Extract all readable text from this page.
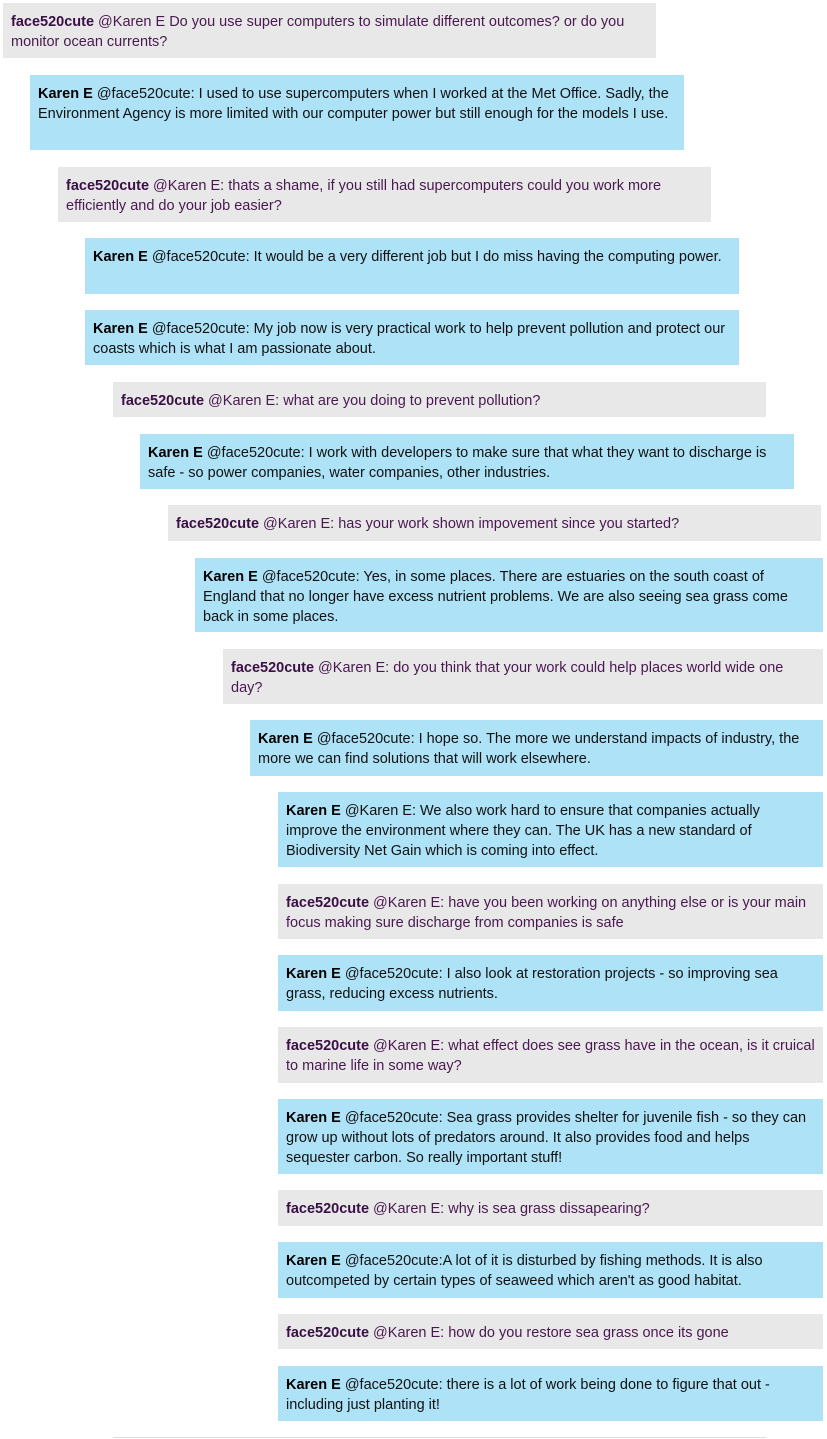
face520cute @Karen E Do you use super computers to simulate different outcomes? or do you monitor ocean currents?
Karen E @face520cute: I used to use supercomputers when I worked at the Met Office. Sadly, the Environment Agency is more limited with our computer power but still enough for the models I use.
face520cute @Karen E: thats a shame, if you still had supercomputers could you work more efficiently and do your job easier?
Karen E @face520cute: It would be a very different job but I do miss having the computing power.
Karen E @face520cute: My job now is very practical work to help prevent pollution and protect our coasts which is what I am passionate about.
face520cute @Karen E: what are you doing to prevent pollution?
Karen E @face520cute: I work with developers to make sure that what they want to discharge is safe - so power companies, water companies, other industries.
face520cute @Karen E: has your work shown impovement since you started?
Karen E @face520cute: Yes, in some places. There are estuaries on the south coast of England that no longer have excess nutrient problems. We are also seeing sea grass come back in some places.
face520cute @Karen E: do you think that your work could help places world wide one day?
Karen E @face520cute: I hope so. The more we understand impacts of industry, the more we can find solutions that will work elsewhere.
Karen E @Karen E: We also work hard to ensure that companies actually improve the environment where they can. The UK has a new standard of Biodiversity Net Gain which is coming into effect.
face520cute @Karen E: have you been working on anything else or is your main focus making sure discharge from companies is safe
Karen E @face520cute: I also look at restoration projects - so improving sea grass, reducing excess nutrients.
face520cute @Karen E: what effect does see grass have in the ocean, is it cruical to marine life in some way?
Karen E @face520cute: Sea grass provides shelter for juvenile fish - so they can grow up without lots of predators around. It also provides food and helps sequester carbon. So really important stuff!
face520cute @Karen E: why is sea grass dissapearing?
Karen E @face520cute:A lot of it is disturbed by fishing methods. It is also outcompeted by certain types of seaweed which aren't as good habitat.
face520cute @Karen E: how do you restore sea grass once its gone
Karen E @face520cute: there is a lot of work being done to figure that out - including just planting it!
